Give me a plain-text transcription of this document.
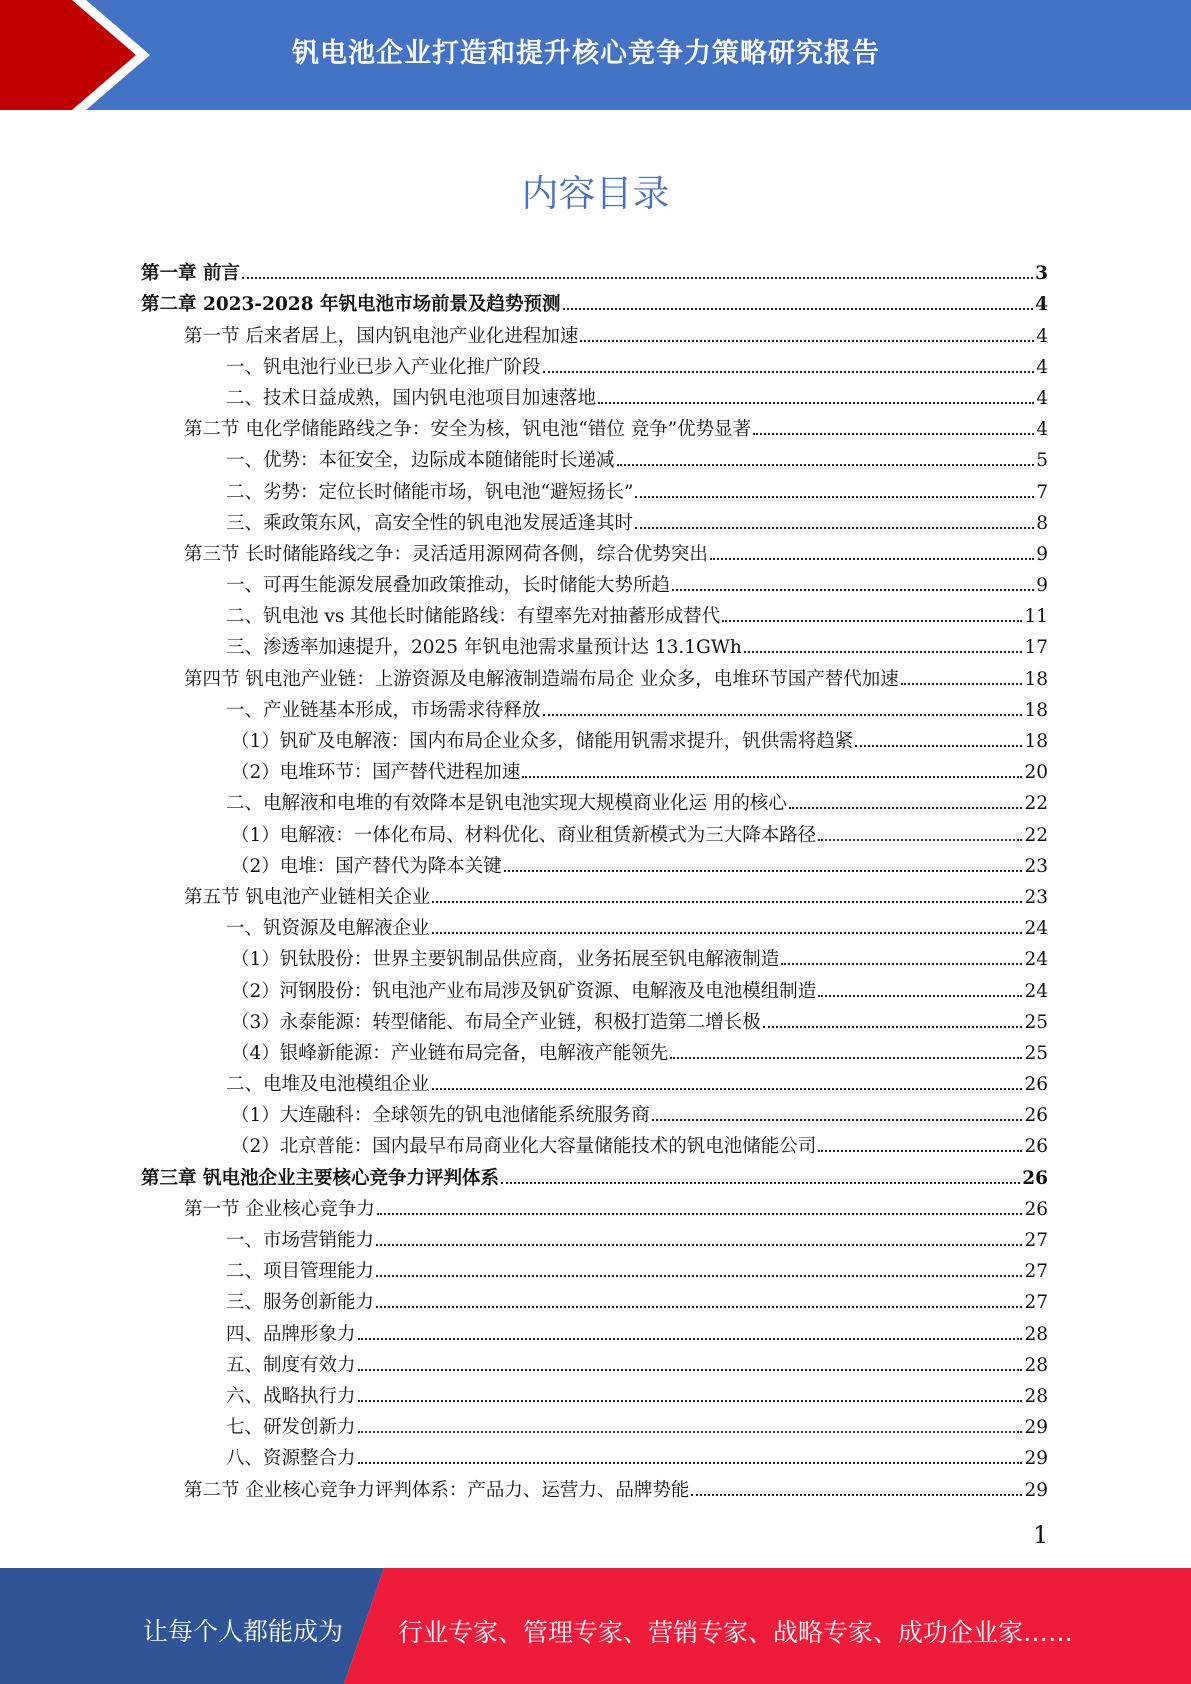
钒电池企业打造和提升核心竞争力策略研究报告
内容目录
第一章 前言	3
第二章 2023-2028 年钒电池市场前景及趋势预测	4
第一节 后来者居上，国内钒电池产业化进程加速	4
一、钒电池行业已步入产业化推广阶段	4
二、技术日益成熟，国内钒电池项目加速落地	4
第二节 电化学储能路线之争：安全为核，钒电池“错位 竞争”优势显著	4
一、优势：本征安全，边际成本随储能时长递减	5
二、劣势：定位长时储能市场，钒电池“避短扬长”	7
三、乘政策东风，高安全性的钒电池发展适逢其时	8
第三节 长时储能路线之争：灵活适用源网荷各侧，综合优势突出	9
一、可再生能源发展叠加政策推动，长时储能大势所趋	9
二、钒电池 vs 其他长时储能路线：有望率先对抽蓄形成替代	11
三、渗透率加速提升，2025 年钒电池需求量预计达 13.1GWh	17
第四节 钒电池产业链：上游资源及电解液制造端布局企 业众多，电堆环节国产替代加速	18
一、产业链基本形成，市场需求待释放	18
（1）钒矿及电解液：国内布局企业众多，储能用钒需求提升，钒供需将趋紧	18
（2）电堆环节：国产替代进程加速	20
二、电解液和电堆的有效降本是钒电池实现大规模商业化运 用的核心	22
（1）电解液：一体化布局、材料优化、商业租赁新模式为三大降本路径	22
（2）电堆：国产替代为降本关键	23
第五节 钒电池产业链相关企业	23
一、钒资源及电解液企业	24
（1）钒钛股份：世界主要钒制品供应商，业务拓展至钒电解液制造	24
（2）河钢股份：钒电池产业布局涉及钒矿资源、电解液及电池模组制造	24
（3）永泰能源：转型储能、布局全产业链，积极打造第二增长极	25
（4）银峰新能源：产业链布局完备，电解液产能领先	25
二、电堆及电池模组企业	26
（1）大连融科：全球领先的钒电池储能系统服务商	26
（2）北京普能：国内最早布局商业化大容量储能技术的钒电池储能公司	26
第三章 钒电池企业主要核心竞争力评判体系	26
第一节 企业核心竞争力	26
一、市场营销能力	27
二、项目管理能力	27
三、服务创新能力	27
四、品牌形象力	28
五、制度有效力	28
六、战略执行力	28
七、研发创新力	29
八、资源整合力	29
第二节 企业核心竞争力评判体系：产品力、运营力、品牌势能	29
1
让每个人都能成为 行业专家、管理专家、营销专家、战略专家、成功企业家……
